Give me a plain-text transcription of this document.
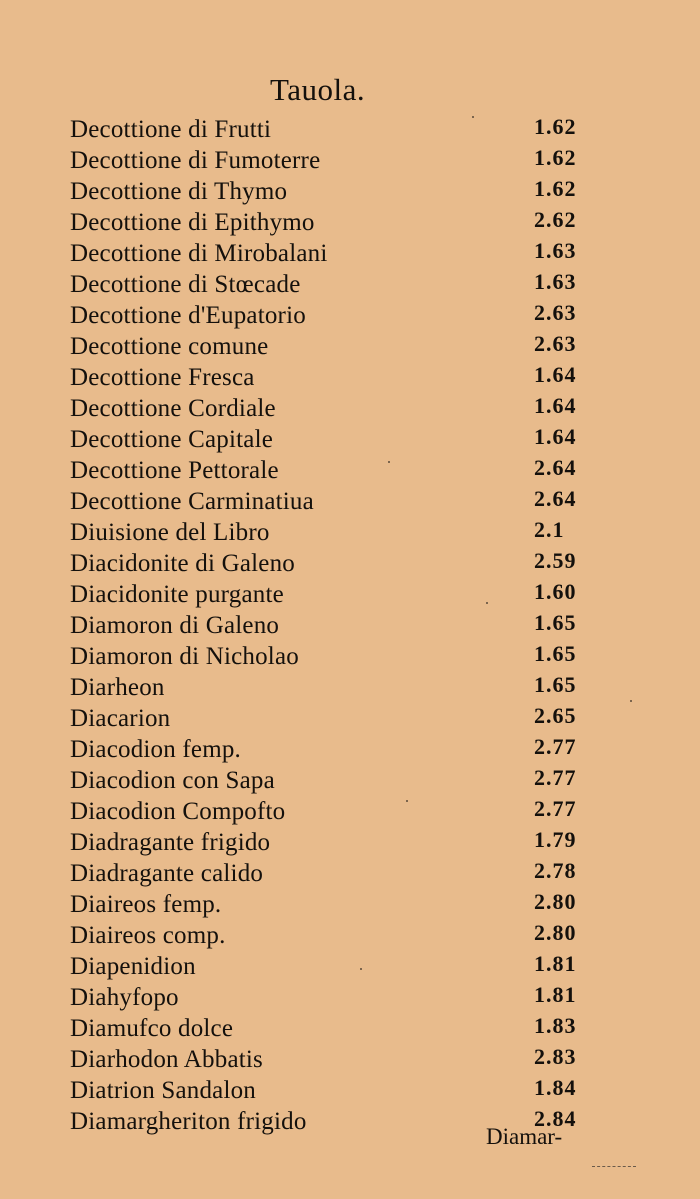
Tauola.
Decottione di Frutti	1.62
Decottione di Fumoterre	1.62
Decottione di Thymo	1.62
Decottione di Epithymo	2.62
Decottione di Mirobalani	1.63
Decottione di Stœcade	1.63
Decottione d'Eupatorio	2.63
Decottione comune	2.63
Decottione Fresca	1.64
Decottione Cordiale	1.64
Decottione Capitale	1.64
Decottione Pettorale	2.64
Decottione Carminatiua	2.64
Diuisione del Libro	2.1
Diacidonite di Galeno	2.59
Diacidonite purgante	1.60
Diamoron di Galeno	1.65
Diamoron di Nicholao	1.65
Diarheon	1.65
Diacarion	2.65
Diacodion femp.	2.77
Diacodion con Sapa	2.77
Diacodion Compofto	2.77
Diadragante frigido	1.79
Diadragante calido	2.78
Diaireos femp.	2.80
Diaireos comp.	2.80
Diapenidion	1.81
Diahyfopo	1.81
Diamufco dolce	1.83
Diarhodon Abbatis	2.83
Diatrion Sandalon	1.84
Diamargheriton frigido	2.84
Diamar-
